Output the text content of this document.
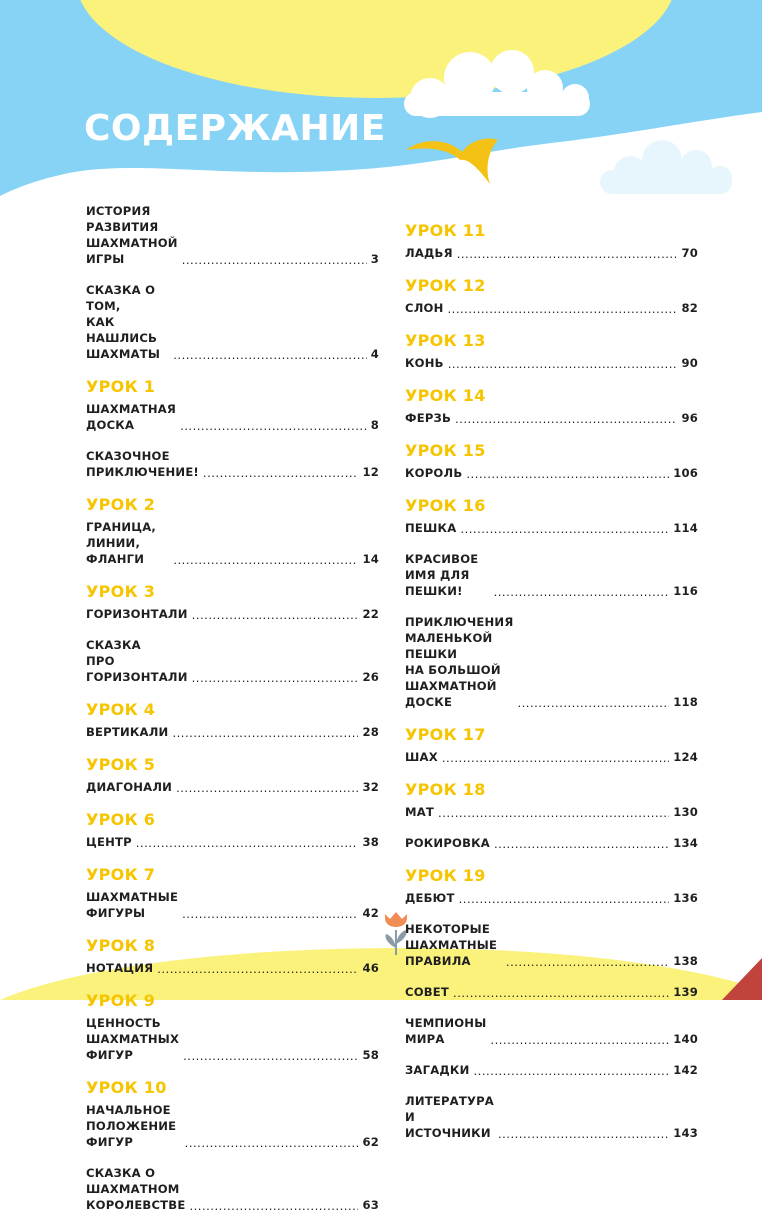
СОДЕРЖАНИЕ
ИСТОРИЯ РАЗВИТИЯ
ШАХМАТНОЙ ИГРЫ . . .	3
СКАЗКА О ТОМ,
КАК НАШЛИСЬ ШАХМАТЫ . . .	4
УРОК 1
ШАХМАТНАЯ ДОСКА . . .	8
СКАЗОЧНОЕ ПРИКЛЮЧЕНИЕ! . . .	12
УРОК 2
ГРАНИЦА, ЛИНИИ, ФЛАНГИ . . .	14
УРОК 3
ГОРИЗОНТАЛИ . . .	22
СКАЗКА
ПРО ГОРИЗОНТАЛИ . . .	26
УРОК 4
ВЕРТИКАЛИ . . .	28
УРОК 5
ДИАГОНАЛИ . . .	32
УРОК 6
ЦЕНТР . . .	38
УРОК 7
ШАХМАТНЫЕ ФИГУРЫ . . .	42
УРОК 8
НОТАЦИЯ . . .	46
УРОК 9
ЦЕННОСТЬ ШАХМАТНЫХ ФИГУР . . .	58
УРОК 10
НАЧАЛЬНОЕ ПОЛОЖЕНИЕ ФИГУР . . .	62
СКАЗКА О ШАХМАТНОМ
КОРОЛЕВСТВЕ . . .	63
УРОК 11
ЛАДЬЯ . . .	70
УРОК 12
СЛОН . . .	82
УРОК 13
КОНЬ . . .	90
УРОК 14
ФЕРЗЬ . . .	96
УРОК 15
КОРОЛЬ . . .	106
УРОК 16
ПЕШКА . . .	114
КРАСИВОЕ ИМЯ ДЛЯ ПЕШКИ! . . .	116
ПРИКЛЮЧЕНИЯ МАЛЕНЬКОЙ ПЕШКИ
НА БОЛЬШОЙ ШАХМАТНОЙ ДОСКЕ . . .	118
УРОК 17
ШАХ . . .	124
УРОК 18
МАТ . . .	130
РОКИРОВКА . . .	134
УРОК 19
ДЕБЮТ . . .	136
НЕКОТОРЫЕ ШАХМАТНЫЕ ПРАВИЛА . . .	138
СОВЕТ . . .	139
ЧЕМПИОНЫ МИРА . . .	140
ЗАГАДКИ . . .	142
ЛИТЕРАТУРА И ИСТОЧНИКИ . . .	143
